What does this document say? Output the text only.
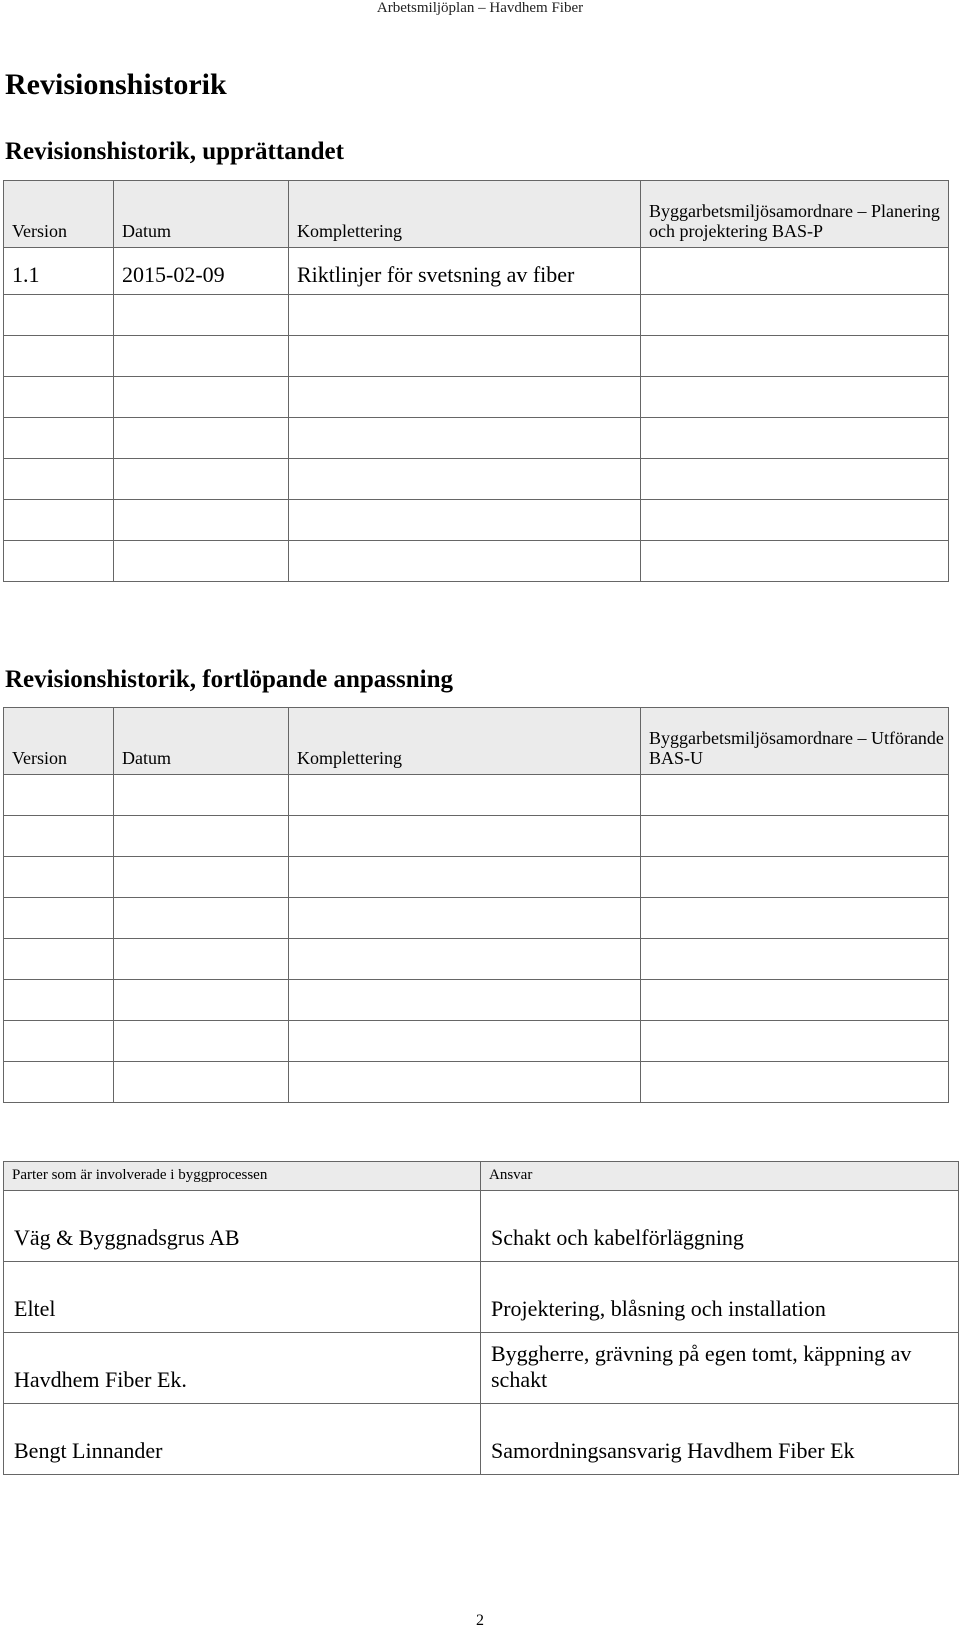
Arbetsmiljöplan – Havdhem Fiber
Revisionshistorik
Revisionshistorik, upprättandet
Version	Datum	Komplettering	Byggarbetsmiljösamordnare – Planering och projektering BAS-P
1.1	2015-02-09	Riktlinjer för svetsning av fiber	

Revisionshistorik, fortlöpande anpassning
Version	Datum	Komplettering	Byggarbetsmiljösamordnare – Utförande BAS-U

Parter som är involverade i byggprocessen	Ansvar
Väg & Byggnadsgrus AB	Schakt och kabelförläggning
Eltel	Projektering, blåsning och installation
Havdhem Fiber Ek.	Byggherre, grävning på egen tomt, käppning av schakt
Bengt Linnander	Samordningsansvarig Havdhem Fiber Ek
2
